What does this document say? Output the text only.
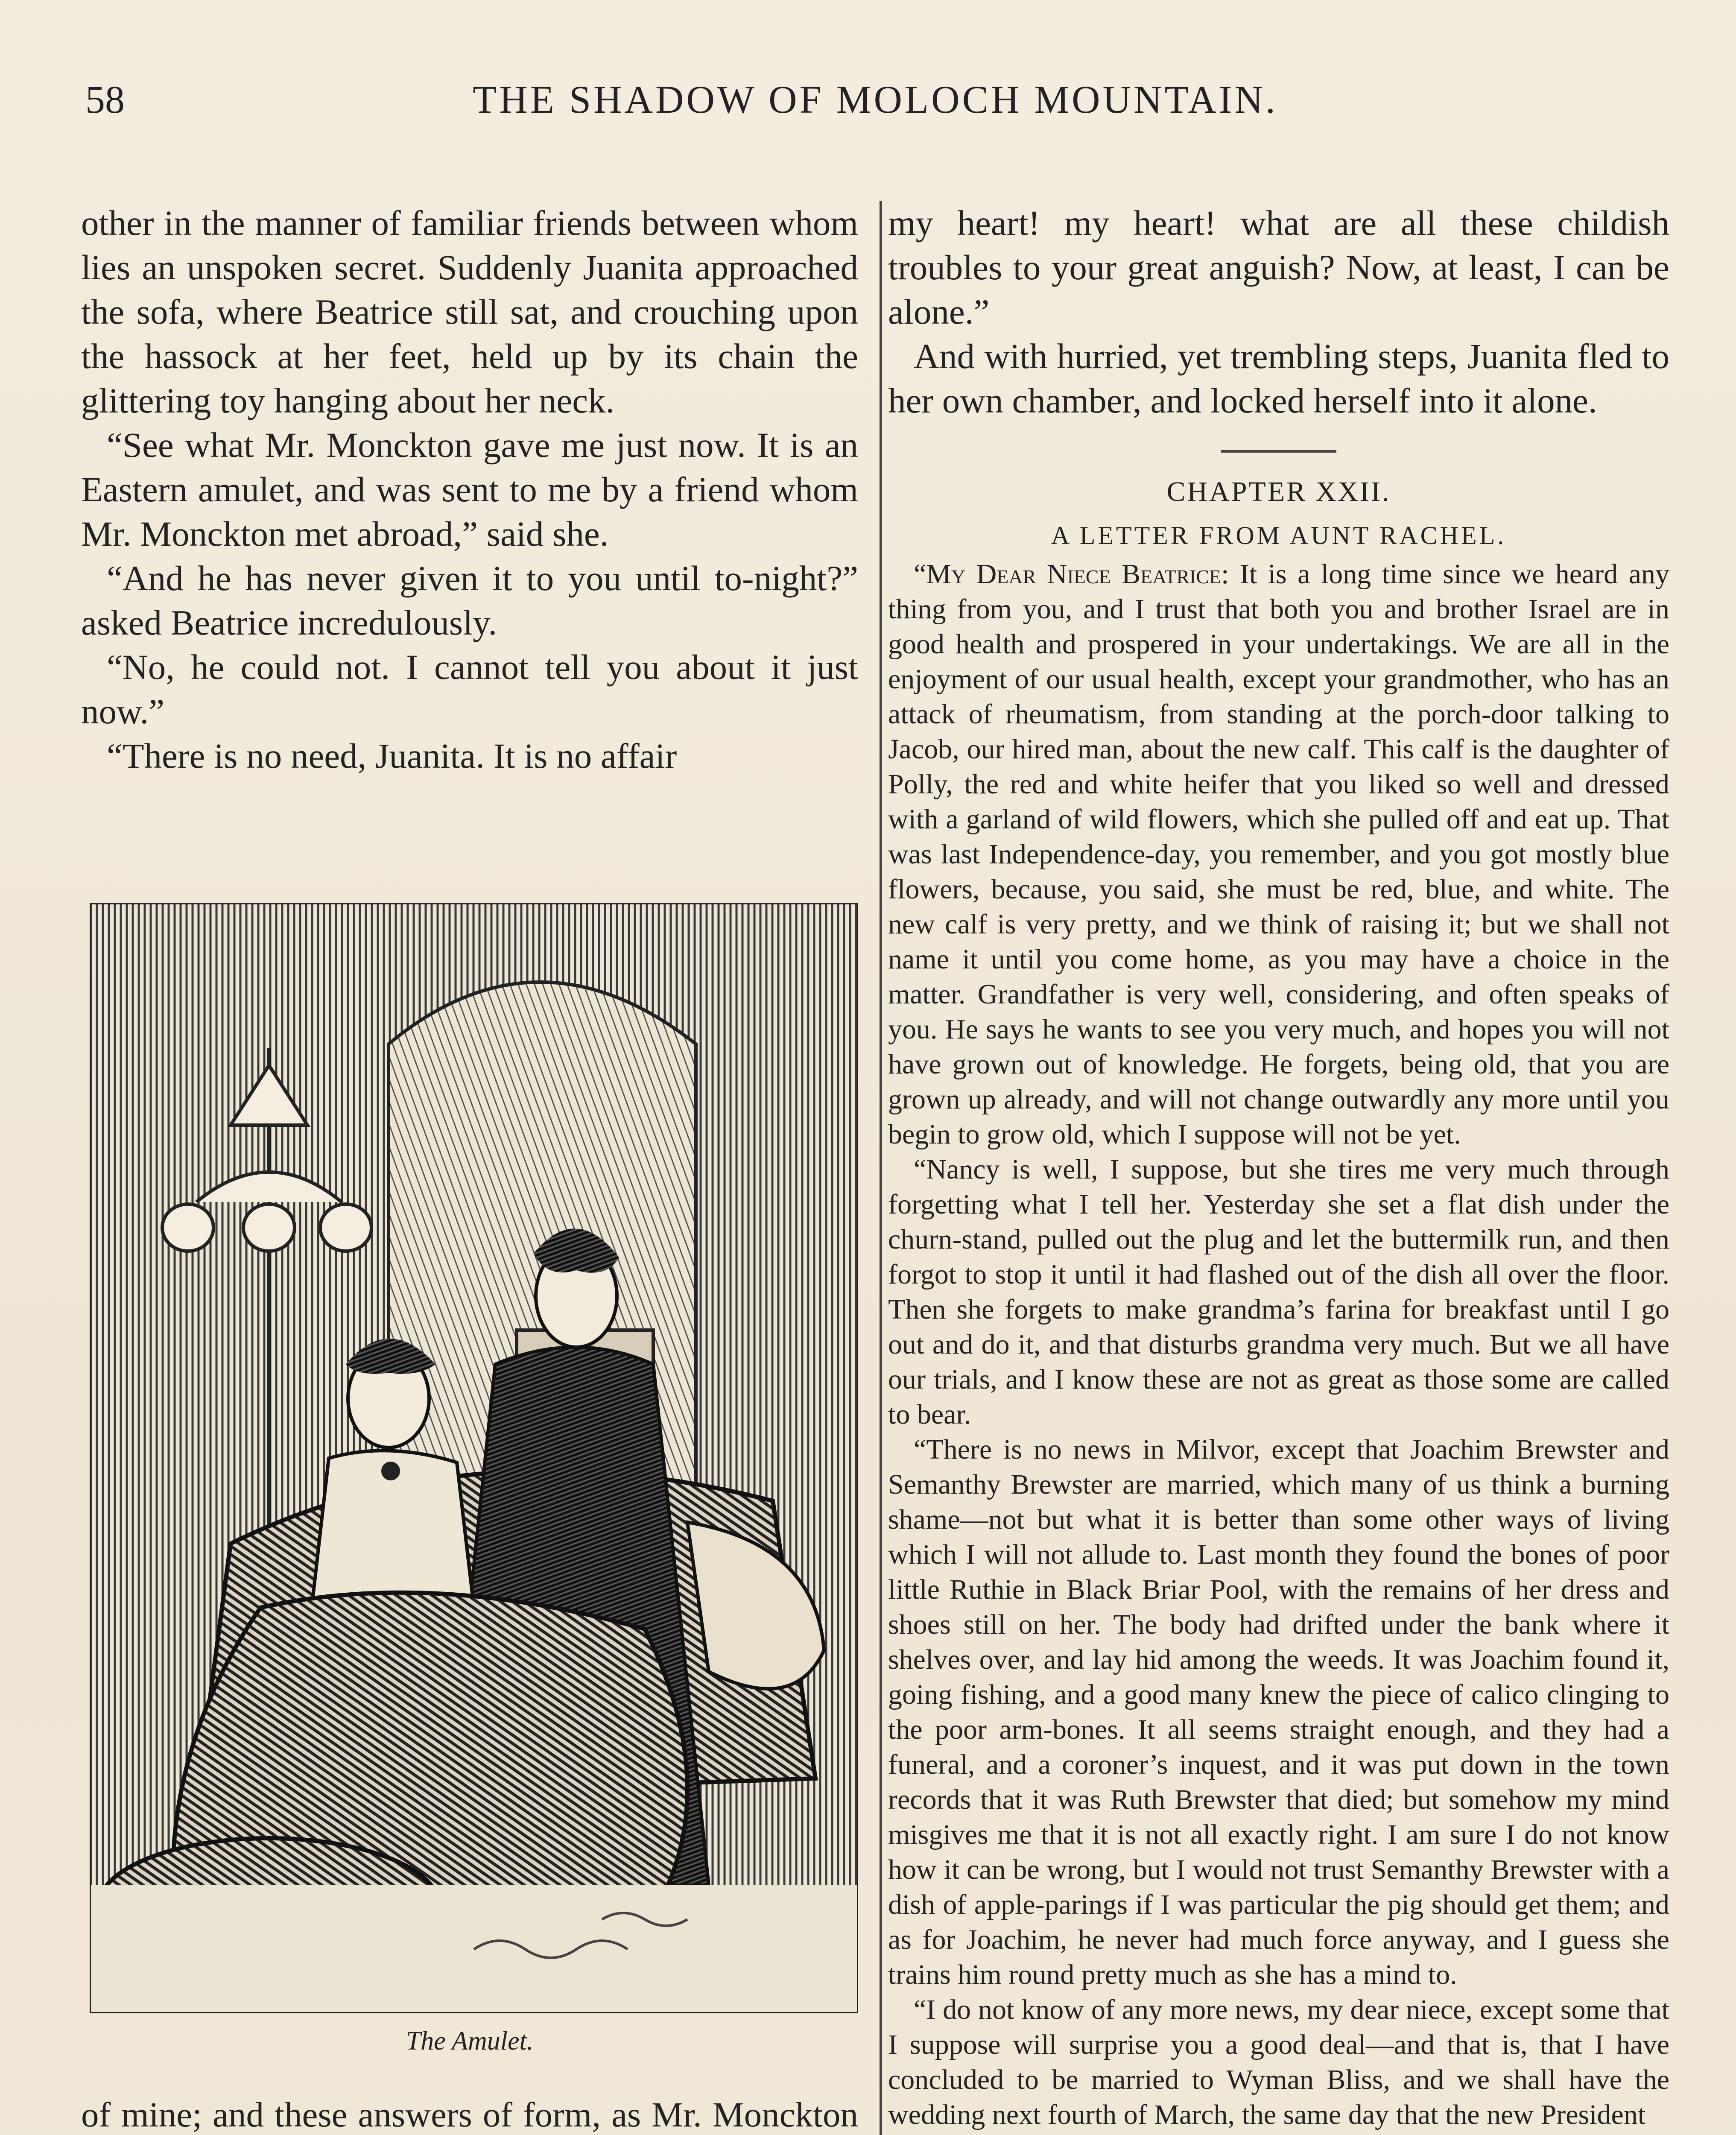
58	THE SHADOW OF MOLOCH MOUNTAIN.

other in the manner of familiar friends between whom lies an unspoken secret. Suddenly Juanita approached the sofa, where Beatrice still sat, and crouching upon the hassock at her feet, held up by its chain the glittering toy hanging about her neck.

“See what Mr. Monckton gave me just now. It is an Eastern amulet, and was sent to me by a friend whom Mr. Monckton met abroad,” said she.

“And he has never given it to you until to-night?” asked Beatrice incredulously.

“No, he could not. I cannot tell you about it just now.”

“There is no need, Juanita. It is no affair

The Amulet.

of mine; and these answers of form, as Mr. Monckton

my heart! my heart! what are all these childish troubles to your great anguish? Now, at least, I can be alone.”

And with hurried, yet trembling steps, Juanita fled to her own chamber, and locked herself into it alone.

CHAPTER XXII.

A LETTER FROM AUNT RACHEL.

“My Dear Niece Beatrice: It is a long time since we heard any thing from you, and I trust that both you and brother Israel are in good health and prospered in your undertakings. We are all in the enjoyment of our usual health, except your grandmother, who has an attack of rheumatism, from standing at the porch-door talking to Jacob, our hired man, about the new calf. This calf is the daughter of Polly, the red and white heifer that you liked so well and dressed with a garland of wild flowers, which she pulled off and eat up. That was last Independence-day, you remember, and you got mostly blue flowers, because, you said, she must be red, blue, and white. The new calf is very pretty, and we think of raising it; but we shall not name it until you come home, as you may have a choice in the matter. Grandfather is very well, considering, and often speaks of you. He says he wants to see you very much, and hopes you will not have grown out of knowledge. He forgets, being old, that you are grown up already, and will not change outwardly any more until you begin to grow old, which I suppose will not be yet.

“Nancy is well, I suppose, but she tires me very much through forgetting what I tell her. Yesterday she set a flat dish under the churn-stand, pulled out the plug and let the buttermilk run, and then forgot to stop it until it had flashed out of the dish all over the floor. Then she forgets to make grandma’s farina for breakfast until I go out and do it, and that disturbs grandma very much. But we all have our trials, and I know these are not as great as those some are called to bear.

“There is no news in Milvor, except that Joachim Brewster and Semanthy Brewster are married, which many of us think a burning shame—not but what it is better than some other ways of living which I will not allude to. Last month they found the bones of poor little Ruthie in Black Briar Pool, with the remains of her dress and shoes still on her. The body had drifted under the bank where it shelves over, and lay hid among the weeds. It was Joachim found it, going fishing, and a good many knew the piece of calico clinging to the poor arm-bones. It all seems straight enough, and they had a funeral, and a coroner’s inquest, and it was put down in the town records that it was Ruth Brewster that died; but somehow my mind misgives me that it is not all exactly right. I am sure I do not know how it can be wrong, but I would not trust Semanthy Brewster with a dish of apple-parings if I was particular the pig should get them; and as for Joachim, he never had much force anyway, and I guess she trains him round pretty much as she has a mind to.

“I do not know of any more news, my dear niece, except some that I suppose will surprise you a good deal—and that is, that I have concluded to be married to Wyman Bliss, and we shall have the wedding next fourth of March, the same day that the new President
